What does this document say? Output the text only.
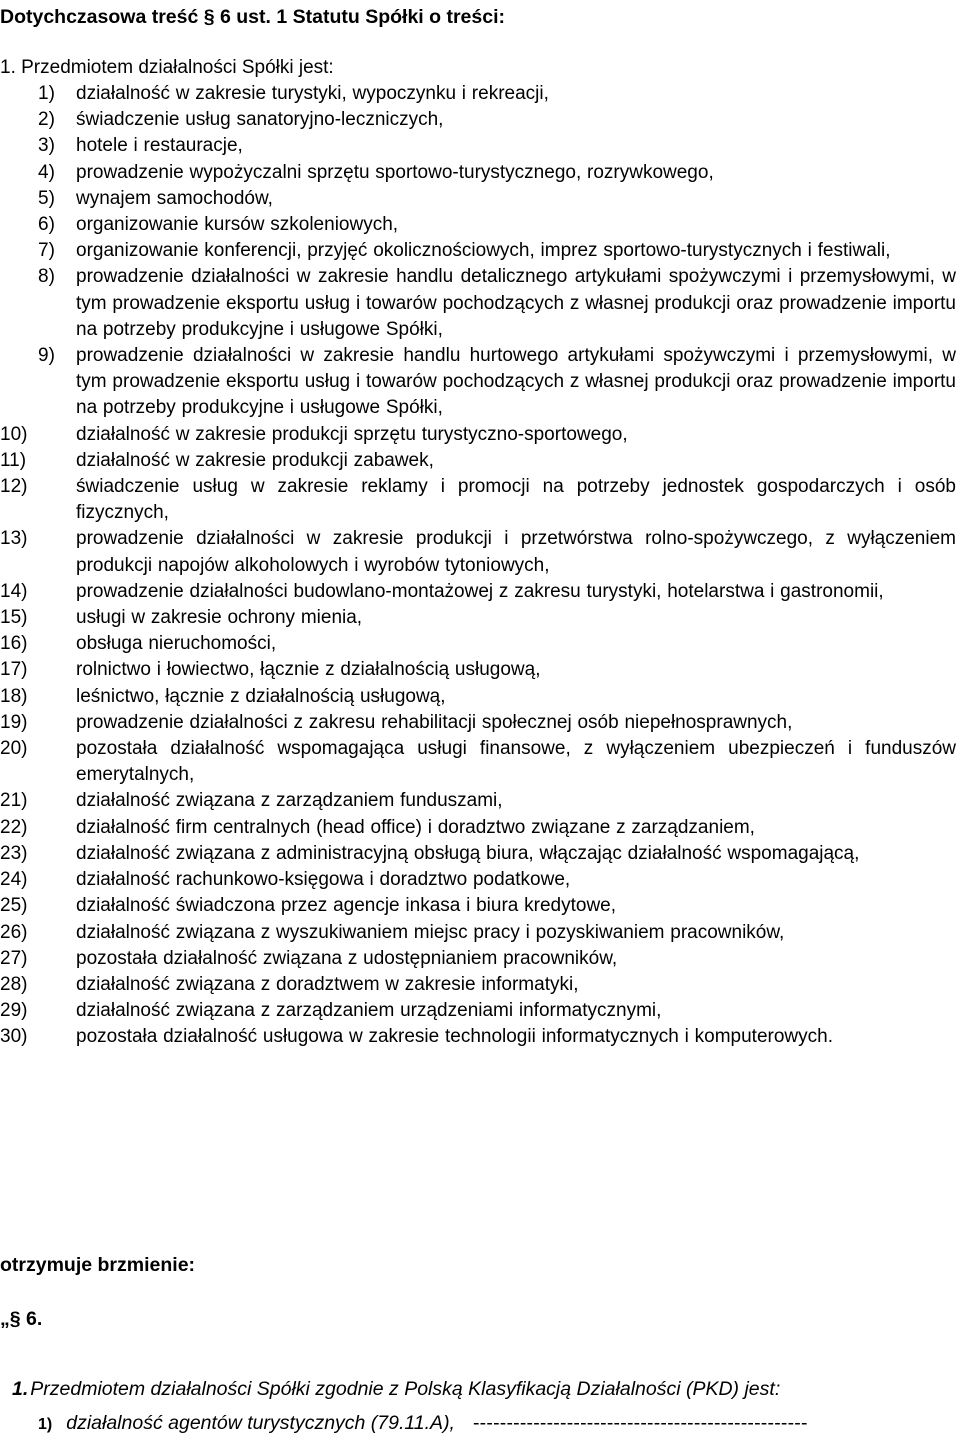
Dotychczasowa treść § 6 ust. 1 Statutu Spółki o treści:
1. Przedmiotem działalności Spółki jest:
1)	działalność w zakresie turystyki, wypoczynku i rekreacji,
2)	świadczenie usług sanatoryjno-leczniczych,
3)	hotele i restauracje,
4)	prowadzenie wypożyczalni sprzętu sportowo-turystycznego, rozrywkowego,
5)	wynajem samochodów,
6)	organizowanie kursów szkoleniowych,
7)	organizowanie konferencji, przyjęć okolicznościowych, imprez sportowo-turystycznych i festiwali,
8)	prowadzenie działalności w zakresie handlu detalicznego artykułami spożywczymi i przemysłowymi, w tym prowadzenie eksportu usług i towarów pochodzących z własnej produkcji oraz prowadzenie importu na potrzeby produkcyjne i usługowe Spółki,
9)	prowadzenie działalności w zakresie handlu hurtowego artykułami spożywczymi i przemysłowymi, w tym prowadzenie eksportu usług i towarów pochodzących z własnej produkcji oraz prowadzenie importu na potrzeby produkcyjne i usługowe Spółki,
10)	działalność w zakresie produkcji sprzętu turystyczno-sportowego,
11)	działalność w zakresie produkcji zabawek,
12)	świadczenie usług w zakresie reklamy i promocji na potrzeby jednostek gospodarczych i osób fizycznych,
13)	prowadzenie działalności w zakresie produkcji i przetwórstwa rolno-spożywczego, z wyłączeniem produkcji napojów alkoholowych i wyrobów tytoniowych,
14)	prowadzenie działalności budowlano-montażowej z zakresu turystyki, hotelarstwa i gastronomii,
15)	usługi w zakresie ochrony mienia,
16)	obsługa nieruchomości,
17)	rolnictwo i łowiectwo, łącznie z działalnością usługową,
18)	leśnictwo, łącznie z działalnością usługową,
19)	prowadzenie działalności z zakresu rehabilitacji społecznej osób niepełnosprawnych,
20)	pozostała działalność wspomagająca usługi finansowe, z wyłączeniem ubezpieczeń i funduszów emerytalnych,
21)	działalność związana z zarządzaniem funduszami,
22)	działalność firm centralnych (head office) i doradztwo związane z zarządzaniem,
23)	działalność związana z administracyjną obsługą biura, włączając działalność wspomagającą,
24)	działalność rachunkowo-księgowa i doradztwo podatkowe,
25)	działalność świadczona przez agencje inkasa i biura kredytowe,
26)	działalność związana z wyszukiwaniem miejsc pracy i pozyskiwaniem pracowników,
27)	pozostała działalność związana z udostępnianiem pracowników,
28)	działalność związana z doradztwem w zakresie informatyki,
29)	działalność związana z zarządzaniem urządzeniami informatycznymi,
30)	pozostała działalność usługowa w zakresie technologii informatycznych i komputerowych.
otrzymuje brzmienie:
„§ 6.
1. Przedmiotem działalności Spółki zgodnie z Polską Klasyfikacją Działalności (PKD) jest:
1) działalność agentów turystycznych (79.11.A), --------------------------------------------------
